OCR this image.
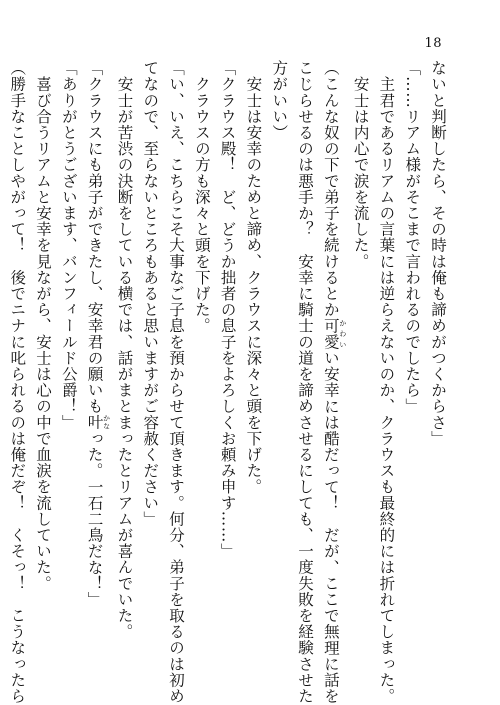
18
ないと判断したら、その時は俺も諦めがつくからさ」
「……リアム様がそこまで言われるのでしたら」
　主君であるリアムの言葉には逆らえないのか、クラウスも最終的には折れてしまった。
　安士は内心で涙を流した。
（こんな奴の下で弟子を続けるとか可愛 かわいい安幸には酷だって！　だが、ここで無理に話を
こじらせるのは悪手か？　安幸に騎士の道を諦めさせるにしても、一度失敗を経験させた
方がいい）
　安士は安幸のためと諦め、クラウスに深々と頭を下げた。
「クラウス殿！　ど、どうか拙者の息子をよろしくお頼み申す……」
　クラウスの方も深々と頭を下げた。
「い、いえ、こちらこそ大事なご子息を預からせて頂きます。何分、弟子を取るのは初め
てなので、至らないところもあると思いますがご容赦ください」
　安士が苦渋の決断をしている横では、話がまとまったとリアムが喜んでいた。
「クラウスにも弟子ができたし、安幸君の願いも叶 かなった。一石二鳥だな！」
「ありがとうございます、バンフィールド公爵！」
　喜び合うリアムと安幸を見ながら、安士は心の中で血涙を流していた。
（勝手なことしやがって！　後でニナに叱られるのは俺だぞ！　くそっ！　こうなったら
